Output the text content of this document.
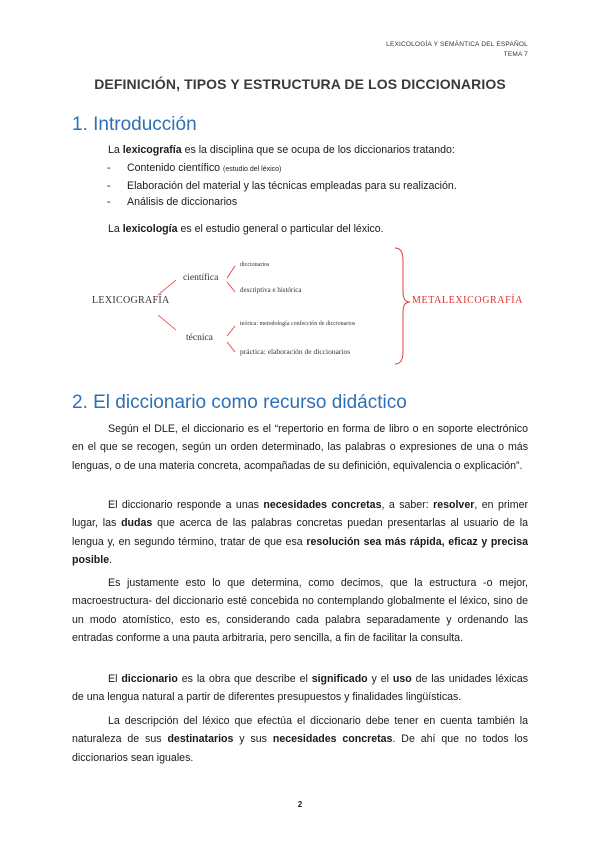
LEXICOLOGÍA Y SEMÁNTICA DEL ESPAÑOL
TEMA 7
DEFINICIÓN, TIPOS Y ESTRUCTURA DE LOS DICCIONARIOS
1. Introducción
La lexicografía es la disciplina que se ocupa de los diccionarios tratando:
- Contenido científico (estudio del léxico)
- Elaboración del material y las técnicas empleadas para su realización.
- Análisis de diccionarios
La lexicología es el estudio general o particular del léxico.
LEXICOGRAFÍA
científica
técnica
diccionarios
descriptiva e histórica
teórica: metodología confección de diccionarios
práctica: elaboración de diccionarios
METALEXICOGRAFÍA
2. El diccionario como recurso didáctico
Según el DLE, el diccionario es el “repertorio en forma de libro o en soporte electrónico en el que se recogen, según un orden determinado, las palabras o expresiones de una o más lenguas, o de una materia concreta, acompañadas de su definición, equivalencia o explicación”.
El diccionario responde a unas necesidades concretas, a saber: resolver, en primer lugar, las dudas que acerca de las palabras concretas puedan presentarlas al usuario de la lengua y, en segundo término, tratar de que esa resolución sea más rápida, eficaz y precisa posible.
Es justamente esto lo que determina, como decimos, que la estructura -o mejor, macroestructura- del diccionario esté concebida no contemplando globalmente el léxico, sino de un modo atomístico, esto es, considerando cada palabra separadamente y ordenando las entradas conforme a una pauta arbitraria, pero sencilla, a fin de facilitar la consulta.
El diccionario es la obra que describe el significado y el uso de las unidades léxicas de una lengua natural a partir de diferentes presupuestos y finalidades lingüísticas.
La descripción del léxico que efectúa el diccionario debe tener en cuenta también la naturaleza de sus destinatarios y sus necesidades concretas. De ahí que no todos los diccionarios sean iguales.
2
